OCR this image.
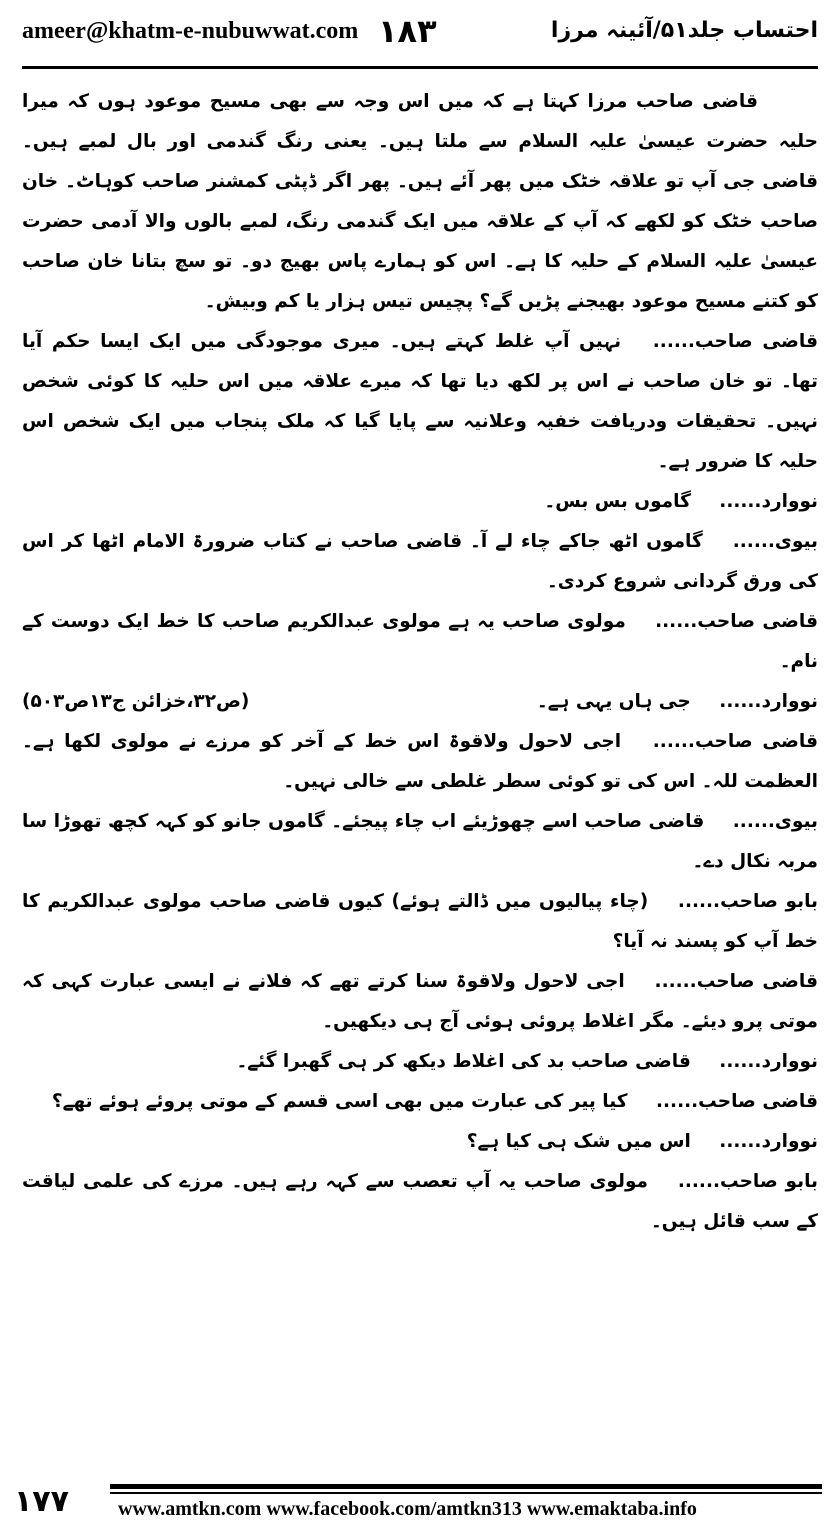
ameer@khatm-e-nubuwwat.com ۱۸۳	احتساب جلد۵۱/آئینہ مرزا

قاضی صاحب مرزا کہتا ہے کہ میں اس وجہ سے بھی مسیح موعود ہوں کہ میرا حلیہ حضرت عیسیٰ علیہ السلام سے ملتا ہیں۔ یعنی رنگ گندمی اور بال لمبے ہیں۔ قاضی جی آپ تو علاقہ خٹک میں پھر آئے ہیں۔ پھر اگر ڈپٹی کمشنر صاحب کوہاٹ۔ خان صاحب خٹک کو لکھے کہ آپ کے علاقہ میں ایک گندمی رنگ، لمبے بالوں والا آدمی حضرت عیسیٰ علیہ السلام کے حلیہ کا ہے۔ اس کو ہمارے پاس بھیج دو۔ تو سچ بتانا خان صاحب کو کتنے مسیح موعود بھیجنے پڑیں گے؟ پچیس تیس ہزار یا کم وبیش۔

قاضی صاحب...... نہیں آپ غلط کہتے ہیں۔ میری موجودگی میں ایک ایسا حکم آیا تھا۔ تو خان صاحب نے اس پر لکھ دیا تھا کہ میرے علاقہ میں اس حلیہ کا کوئی شخص نہیں۔ تحقیقات ودریافت خفیہ وعلانیہ سے پایا گیا کہ ملک پنجاب میں ایک شخص اس حلیہ کا ضرور ہے۔

نووارد...... گاموں بس بس۔

بیوی...... گاموں اٹھ جاکے چاء لے آ۔ قاضی صاحب نے کتاب ضرورۃ الامام اٹھا کر اس کی ورق گردانی شروع کردی۔

قاضی صاحب...... مولوی صاحب یہ ہے مولوی عبدالکریم صاحب کا خط ایک دوست کے نام۔

نووارد...... جی ہاں یہی ہے۔
(ص۳۲،خزائن ج۱۳ص۵۰۳)

قاضی صاحب...... اجی لاحول ولاقوۃ اس خط کے آخر کو مرزے نے مولوی لکھا ہے۔ العظمت للہ۔ اس کی تو کوئی سطر غلطی سے خالی نہیں۔

بیوی...... قاضی صاحب اسے چھوڑیئے اب چاء پیجئے۔ گاموں جانو کو کہہ کچھ تھوڑا سا مربہ نکال دے۔

بابو صاحب...... (چاء پیالیوں میں ڈالتے ہوئے) کیوں قاضی صاحب مولوی عبدالکریم کا خط آپ کو پسند نہ آیا؟

قاضی صاحب...... اجی لاحول ولاقوۃ سنا کرتے تھے کہ فلانے نے ایسی عبارت کہی کہ موتی پرو دیئے۔ مگر اغلاط پروئی ہوئی آج ہی دیکھیں۔

نووارد...... قاضی صاحب بد کی اغلاط دیکھ کر ہی گھبرا گئے۔

قاضی صاحب...... کیا پیر کی عبارت میں بھی اسی قسم کے موتی پروئے ہوئے تھے؟

نووارد...... اس میں شک ہی کیا ہے؟

بابو صاحب...... مولوی صاحب یہ آپ تعصب سے کہہ رہے ہیں۔ مرزے کی علمی لیاقت کے سب قائل ہیں۔

۱۷۷ www.amtkn.com www.facebook.com/amtkn313 www.emaktaba.info
